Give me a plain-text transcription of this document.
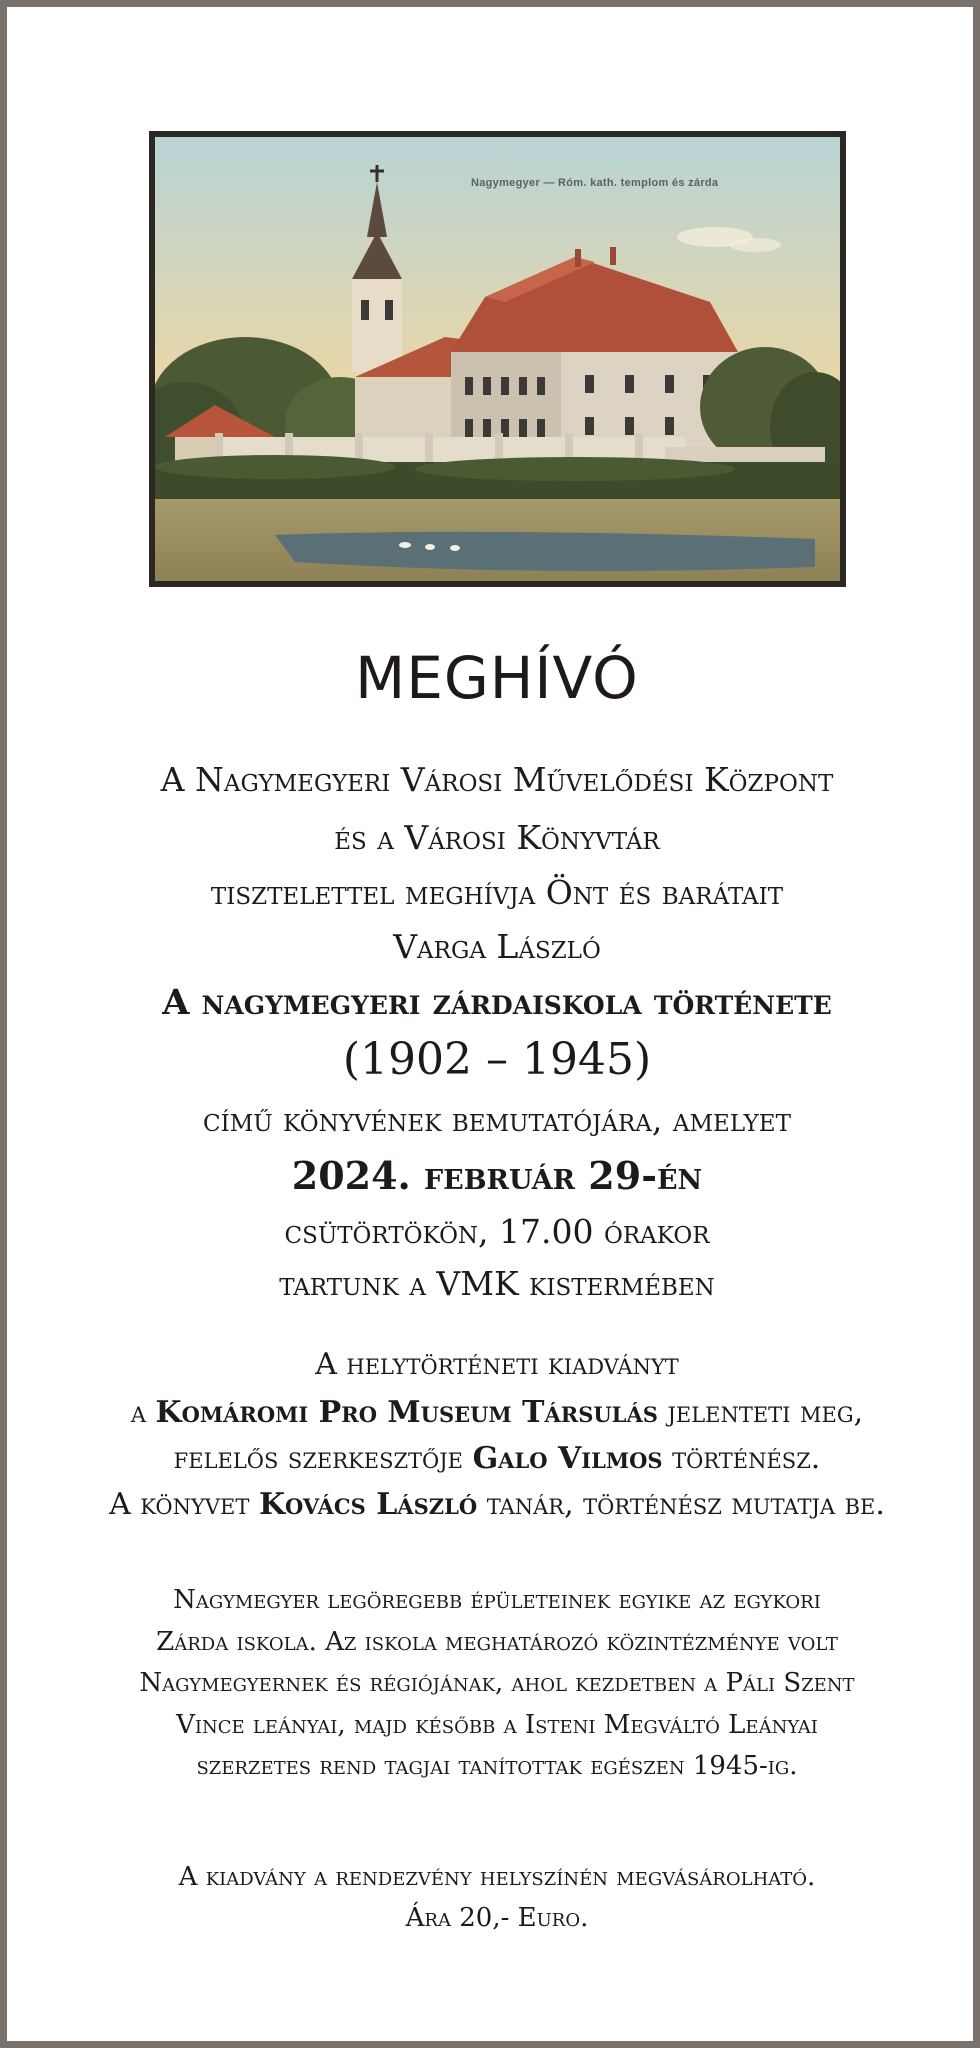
Nagymegyer — Róm. kath. templom és zárda
MEGHÍVÓ
A Nagymegyeri Városi Művelődési Központ
és a Városi Könyvtár
tisztelettel meghívja Önt és barátait
Varga László
A nagymegyeri zárdaiskola története
(1902 – 1945)
című könyvének bemutatójára, amelyet
2024. február 29-én
csütörtökön, 17.00 órakor
tartunk a VMK kistermében
A helytörténeti kiadványt
a Komáromi Pro Museum Társulás jelenteti meg,
felelős szerkesztője Galo Vilmos történész.
A könyvet Kovács László tanár, történész mutatja be.
Nagymegyer legöregebb épületeinek egyike az egykori
Zárda iskola. Az iskola meghatározó közintézménye volt
Nagymegyernek és régiójának, ahol kezdetben a Páli Szent
Vince leányai, majd később a Isteni Megváltó Leányai
szerzetes rend tagjai tanítottak egészen 1945-ig.
A kiadvány a rendezvény helyszínén megvásárolható.
Ára 20,- Euro.
